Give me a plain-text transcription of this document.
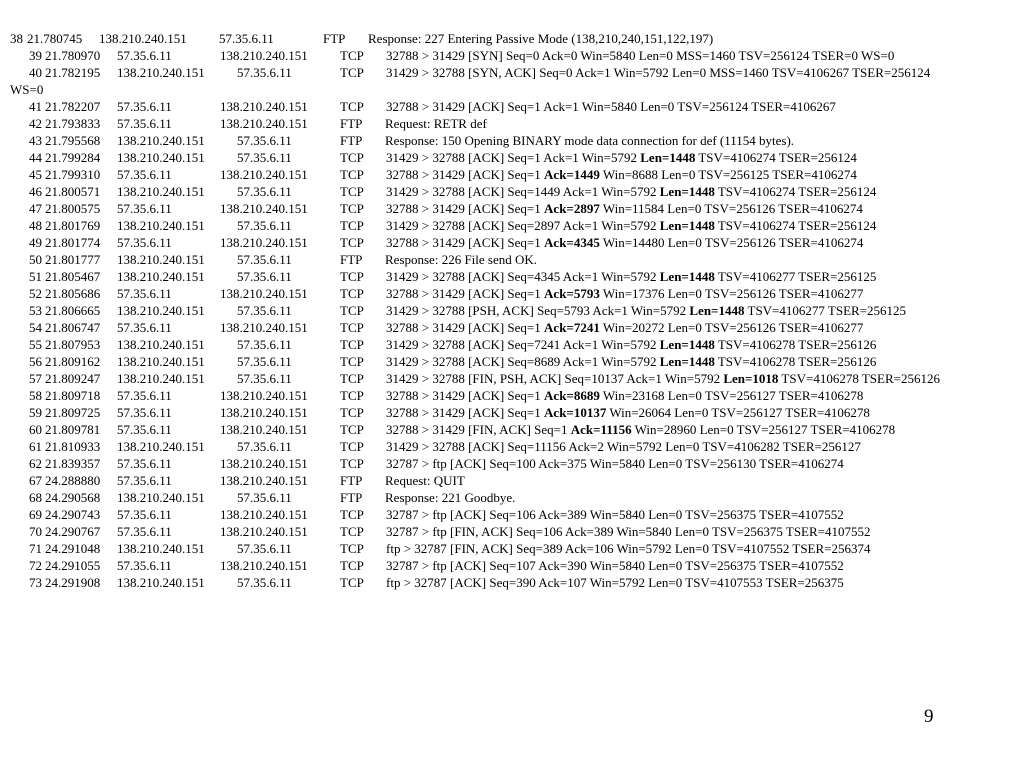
38 21.780745 138.210.240.151 57.35.6.11	FTP Response: 227 Entering Passive Mode (138,210,240,151,122,197)
39 21.780970 57.35.6.11	138.210.240.151 TCP 32788 > 31429 [SYN] Seq=0 Ack=0 Win=5840 Len=0 MSS=1460 TSV=256124 TSER=0 WS=0
40 21.782195 138.210.240.151 57.35.6.11	TCP 31429 > 32788 [SYN, ACK] Seq=0 Ack=1 Win=5792 Len=0 MSS=1460 TSV=4106267 TSER=256124
WS=0
41 21.782207 57.35.6.11	138.210.240.151 TCP 32788 > 31429 [ACK] Seq=1 Ack=1 Win=5840 Len=0 TSV=256124 TSER=4106267
42 21.793833 57.35.6.11	138.210.240.151 FTP Request: RETR def
43 21.795568 138.210.240.151 57.35.6.11	FTP Response: 150 Opening BINARY mode data connection for def (11154 bytes).
44 21.799284 138.210.240.151 57.35.6.11	TCP 31429 > 32788 [ACK] Seq=1 Ack=1 Win=5792 Len=1448 TSV=4106274 TSER=256124
45 21.799310 57.35.6.11	138.210.240.151 TCP 32788 > 31429 [ACK] Seq=1 Ack=1449 Win=8688 Len=0 TSV=256125 TSER=4106274
46 21.800571 138.210.240.151 57.35.6.11	TCP 31429 > 32788 [ACK] Seq=1449 Ack=1 Win=5792 Len=1448 TSV=4106274 TSER=256124
47 21.800575 57.35.6.11	138.210.240.151 TCP 32788 > 31429 [ACK] Seq=1 Ack=2897 Win=11584 Len=0 TSV=256126 TSER=4106274
48 21.801769 138.210.240.151 57.35.6.11	TCP 31429 > 32788 [ACK] Seq=2897 Ack=1 Win=5792 Len=1448 TSV=4106274 TSER=256124
49 21.801774 57.35.6.11	138.210.240.151 TCP 32788 > 31429 [ACK] Seq=1 Ack=4345 Win=14480 Len=0 TSV=256126 TSER=4106274
50 21.801777 138.210.240.151 57.35.6.11	FTP Response: 226 File send OK.
51 21.805467 138.210.240.151 57.35.6.11	TCP 31429 > 32788 [ACK] Seq=4345 Ack=1 Win=5792 Len=1448 TSV=4106277 TSER=256125
52 21.805686 57.35.6.11	138.210.240.151 TCP 32788 > 31429 [ACK] Seq=1 Ack=5793 Win=17376 Len=0 TSV=256126 TSER=4106277
53 21.806665 138.210.240.151 57.35.6.11	TCP 31429 > 32788 [PSH, ACK] Seq=5793 Ack=1 Win=5792 Len=1448 TSV=4106277 TSER=256125
54 21.806747 57.35.6.11	138.210.240.151 TCP 32788 > 31429 [ACK] Seq=1 Ack=7241 Win=20272 Len=0 TSV=256126 TSER=4106277
55 21.807953 138.210.240.151 57.35.6.11	TCP 31429 > 32788 [ACK] Seq=7241 Ack=1 Win=5792 Len=1448 TSV=4106278 TSER=256126
56 21.809162 138.210.240.151 57.35.6.11	TCP 31429 > 32788 [ACK] Seq=8689 Ack=1 Win=5792 Len=1448 TSV=4106278 TSER=256126
57 21.809247 138.210.240.151 57.35.6.11	TCP 31429 > 32788 [FIN, PSH, ACK] Seq=10137 Ack=1 Win=5792 Len=1018 TSV=4106278 TSER=256126
58 21.809718 57.35.6.11	138.210.240.151 TCP 32788 > 31429 [ACK] Seq=1 Ack=8689 Win=23168 Len=0 TSV=256127 TSER=4106278
59 21.809725 57.35.6.11	138.210.240.151 TCP 32788 > 31429 [ACK] Seq=1 Ack=10137 Win=26064 Len=0 TSV=256127 TSER=4106278
60 21.809781 57.35.6.11	138.210.240.151 TCP 32788 > 31429 [FIN, ACK] Seq=1 Ack=11156 Win=28960 Len=0 TSV=256127 TSER=4106278
61 21.810933 138.210.240.151 57.35.6.11	TCP 31429 > 32788 [ACK] Seq=11156 Ack=2 Win=5792 Len=0 TSV=4106282 TSER=256127
62 21.839357 57.35.6.11	138.210.240.151 TCP 32787 > ftp [ACK] Seq=100 Ack=375 Win=5840 Len=0 TSV=256130 TSER=4106274
67 24.288880 57.35.6.11	138.210.240.151 FTP Request: QUIT
68 24.290568 138.210.240.151 57.35.6.11	FTP Response: 221 Goodbye.
69 24.290743 57.35.6.11	138.210.240.151 TCP 32787 > ftp [ACK] Seq=106 Ack=389 Win=5840 Len=0 TSV=256375 TSER=4107552
70 24.290767 57.35.6.11	138.210.240.151 TCP 32787 > ftp [FIN, ACK] Seq=106 Ack=389 Win=5840 Len=0 TSV=256375 TSER=4107552
71 24.291048 138.210.240.151 57.35.6.11	TCP ftp > 32787 [FIN, ACK] Seq=389 Ack=106 Win=5792 Len=0 TSV=4107552 TSER=256374
72 24.291055 57.35.6.11	138.210.240.151 TCP 32787 > ftp [ACK] Seq=107 Ack=390 Win=5840 Len=0 TSV=256375 TSER=4107552
73 24.291908 138.210.240.151 57.35.6.11	TCP ftp > 32787 [ACK] Seq=390 Ack=107 Win=5792 Len=0 TSV=4107553 TSER=256375
9
